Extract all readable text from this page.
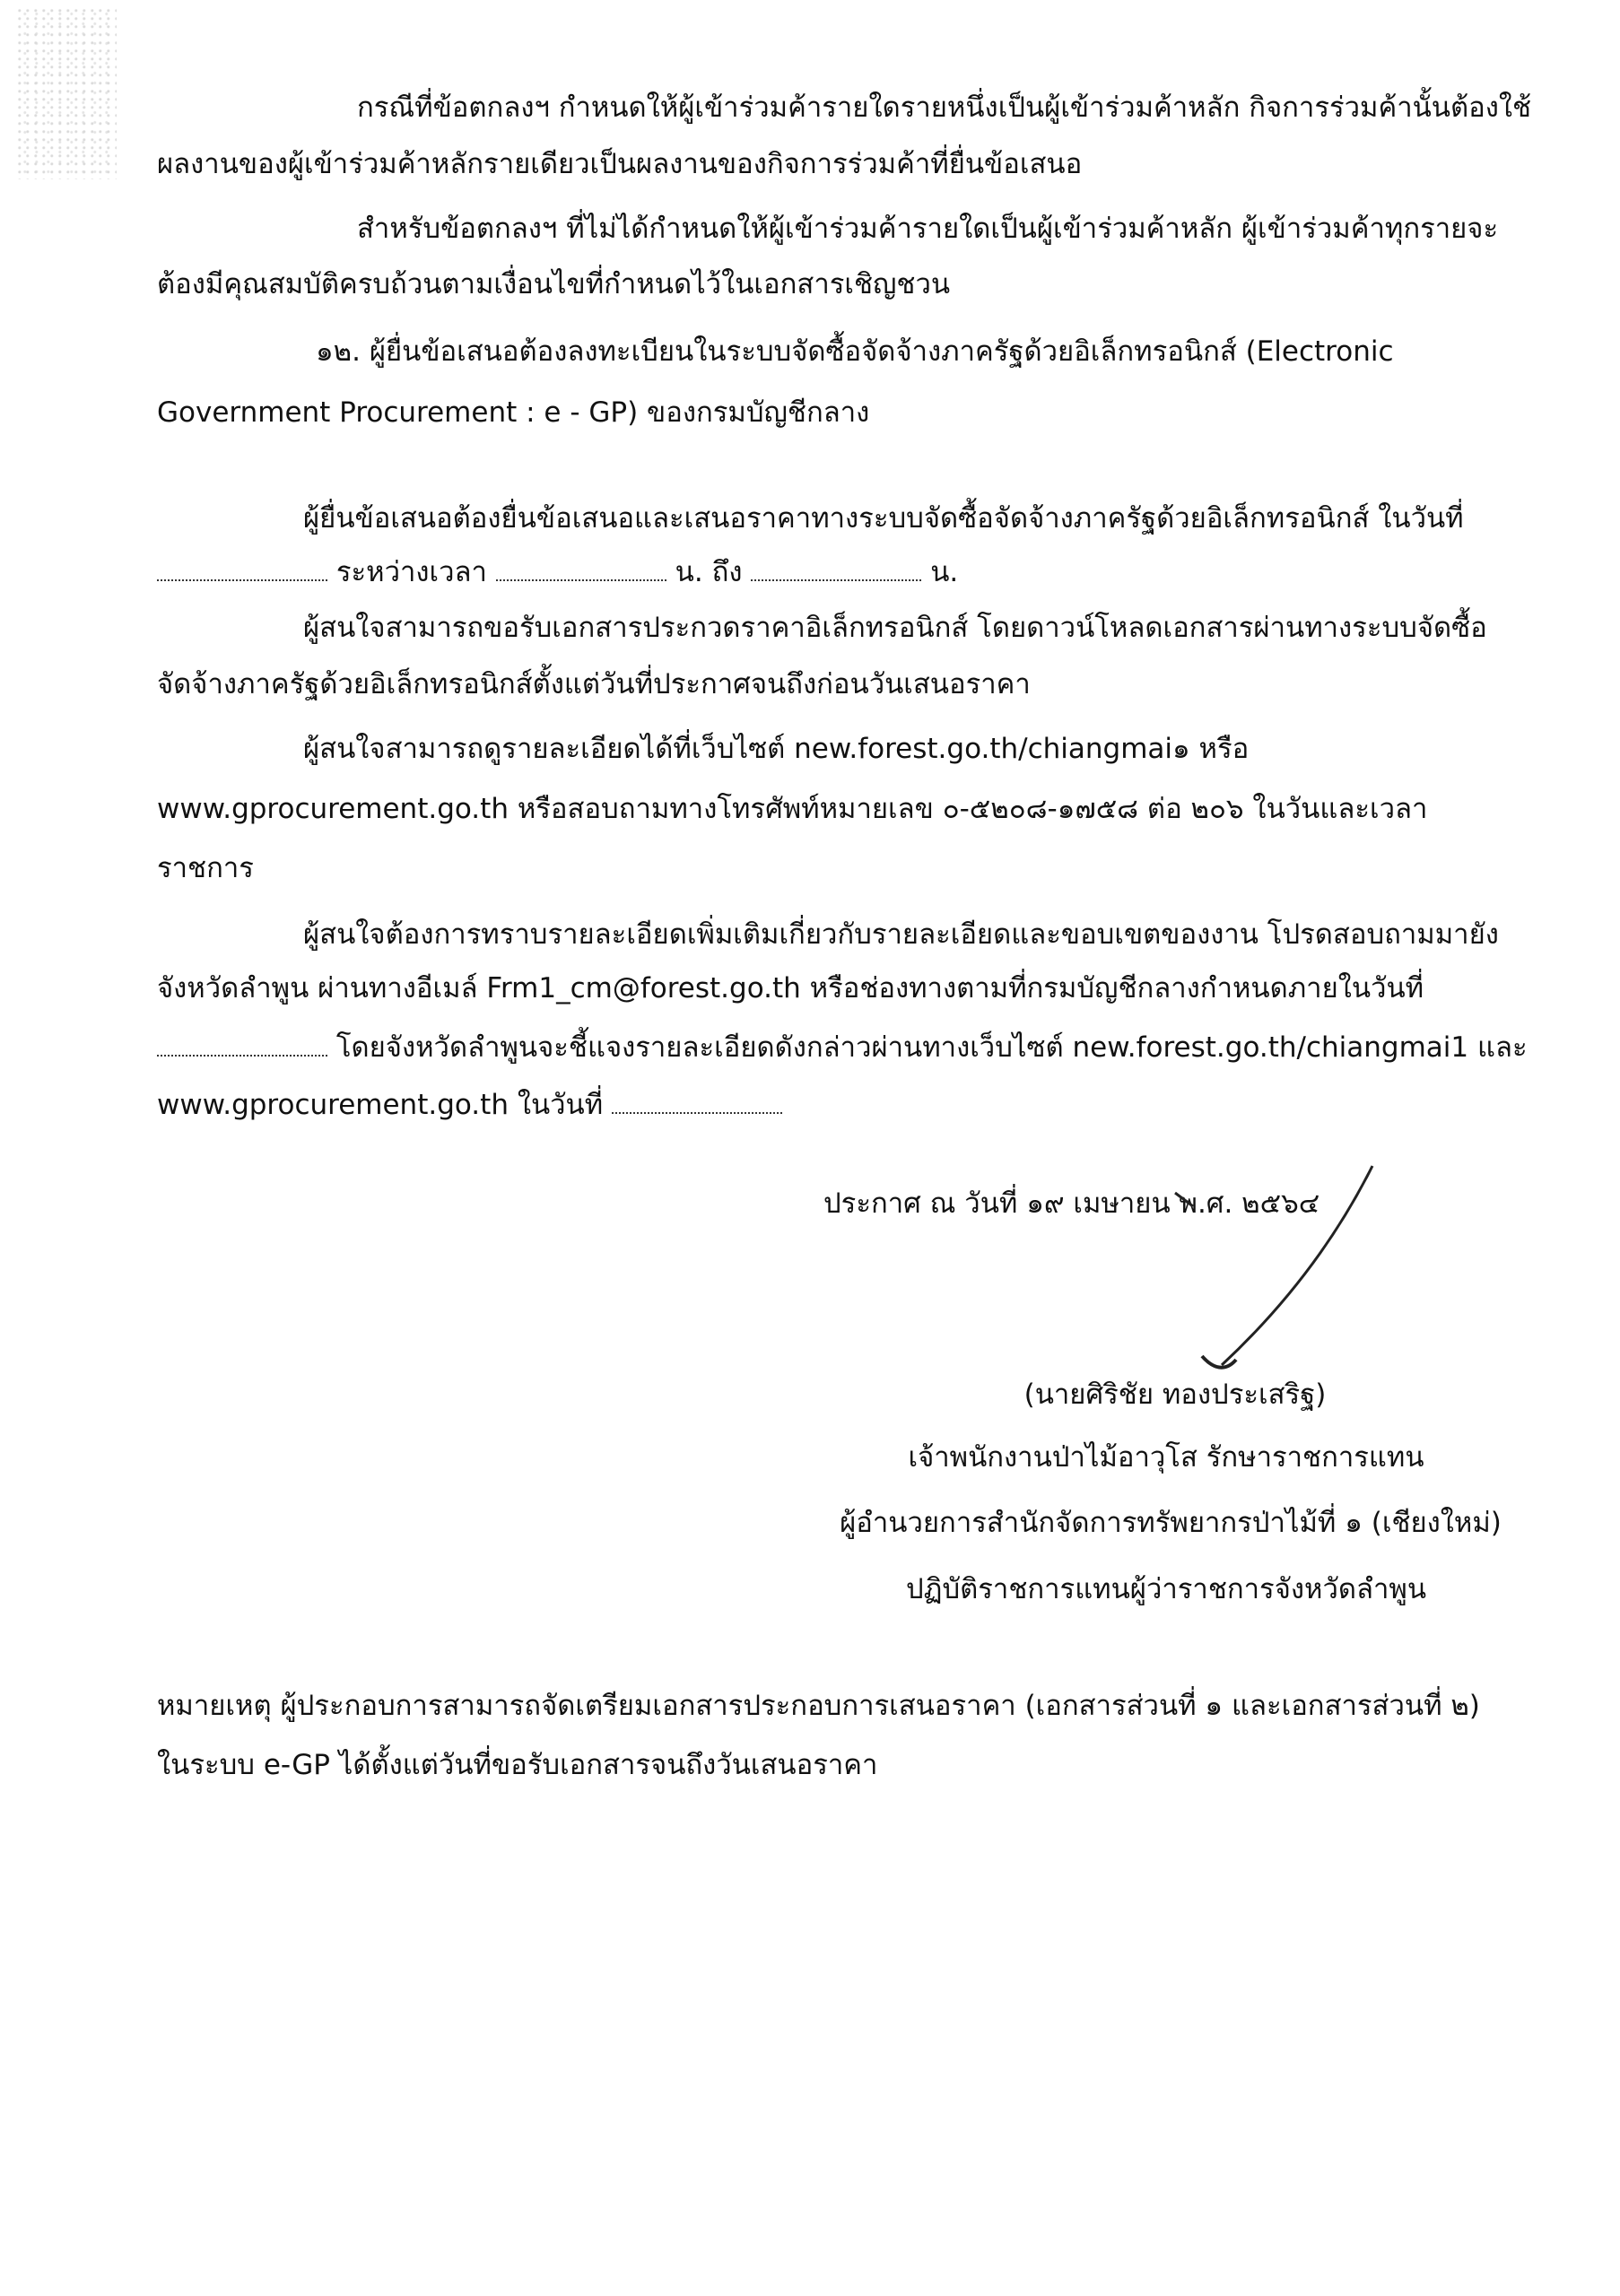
กรณีที่ข้อตกลงฯ กำหนดให้ผู้เข้าร่วมค้ารายใดรายหนึ่งเป็นผู้เข้าร่วมค้าหลัก กิจการร่วมค้านั้นต้องใช้
ผลงานของผู้เข้าร่วมค้าหลักรายเดียวเป็นผลงานของกิจการร่วมค้าที่ยื่นข้อเสนอ
สำหรับข้อตกลงฯ ที่ไม่ได้กำหนดให้ผู้เข้าร่วมค้ารายใดเป็นผู้เข้าร่วมค้าหลัก ผู้เข้าร่วมค้าทุกรายจะ
ต้องมีคุณสมบัติครบถ้วนตามเงื่อนไขที่กำหนดไว้ในเอกสารเชิญชวน
๑๒. ผู้ยื่นข้อเสนอต้องลงทะเบียนในระบบจัดซื้อจัดจ้างภาครัฐด้วยอิเล็กทรอนิกส์ (Electronic
Government Procurement : e - GP) ของกรมบัญชีกลาง
ผู้ยื่นข้อเสนอต้องยื่นข้อเสนอและเสนอราคาทางระบบจัดซื้อจัดจ้างภาครัฐด้วยอิเล็กทรอนิกส์ ในวันที่
ระหว่างเวลา	น. ถึง	น.
ผู้สนใจสามารถขอรับเอกสารประกวดราคาอิเล็กทรอนิกส์ โดยดาวน์โหลดเอกสารผ่านทางระบบจัดซื้อ
จัดจ้างภาครัฐด้วยอิเล็กทรอนิกส์ตั้งแต่วันที่ประกาศจนถึงก่อนวันเสนอราคา
ผู้สนใจสามารถดูรายละเอียดได้ที่เว็บไซต์ new.forest.go.th/chiangmai๑ หรือ
www.gprocurement.go.th หรือสอบถามทางโทรศัพท์หมายเลข ๐-๕๒๐๘-๑๗๕๘ ต่อ ๒๐๖ ในวันและเวลา
ราชการ
ผู้สนใจต้องการทราบรายละเอียดเพิ่มเติมเกี่ยวกับรายละเอียดและขอบเขตของงาน โปรดสอบถามมายัง
จังหวัดลำพูน ผ่านทางอีเมล์ Frm1_cm@forest.go.th หรือช่องทางตามที่กรมบัญชีกลางกำหนดภายในวันที่
โดยจังหวัดลำพูนจะชี้แจงรายละเอียดดังกล่าวผ่านทางเว็บไซต์ new.forest.go.th/chiangmai1 และ
www.gprocurement.go.th ในวันที่
ประกาศ ณ วันที่ ๑๙ เมษายน พ.ศ. ๒๕๖๔
(นายศิริชัย ทองประเสริฐ)
เจ้าพนักงานป่าไม้อาวุโส รักษาราชการแทน
ผู้อำนวยการสำนักจัดการทรัพยากรป่าไม้ที่ ๑ (เชียงใหม่)
ปฏิบัติราชการแทนผู้ว่าราชการจังหวัดลำพูน
หมายเหตุ ผู้ประกอบการสามารถจัดเตรียมเอกสารประกอบการเสนอราคา (เอกสารส่วนที่ ๑ และเอกสารส่วนที่ ๒)
ในระบบ e-GP ได้ตั้งแต่วันที่ขอรับเอกสารจนถึงวันเสนอราคา
